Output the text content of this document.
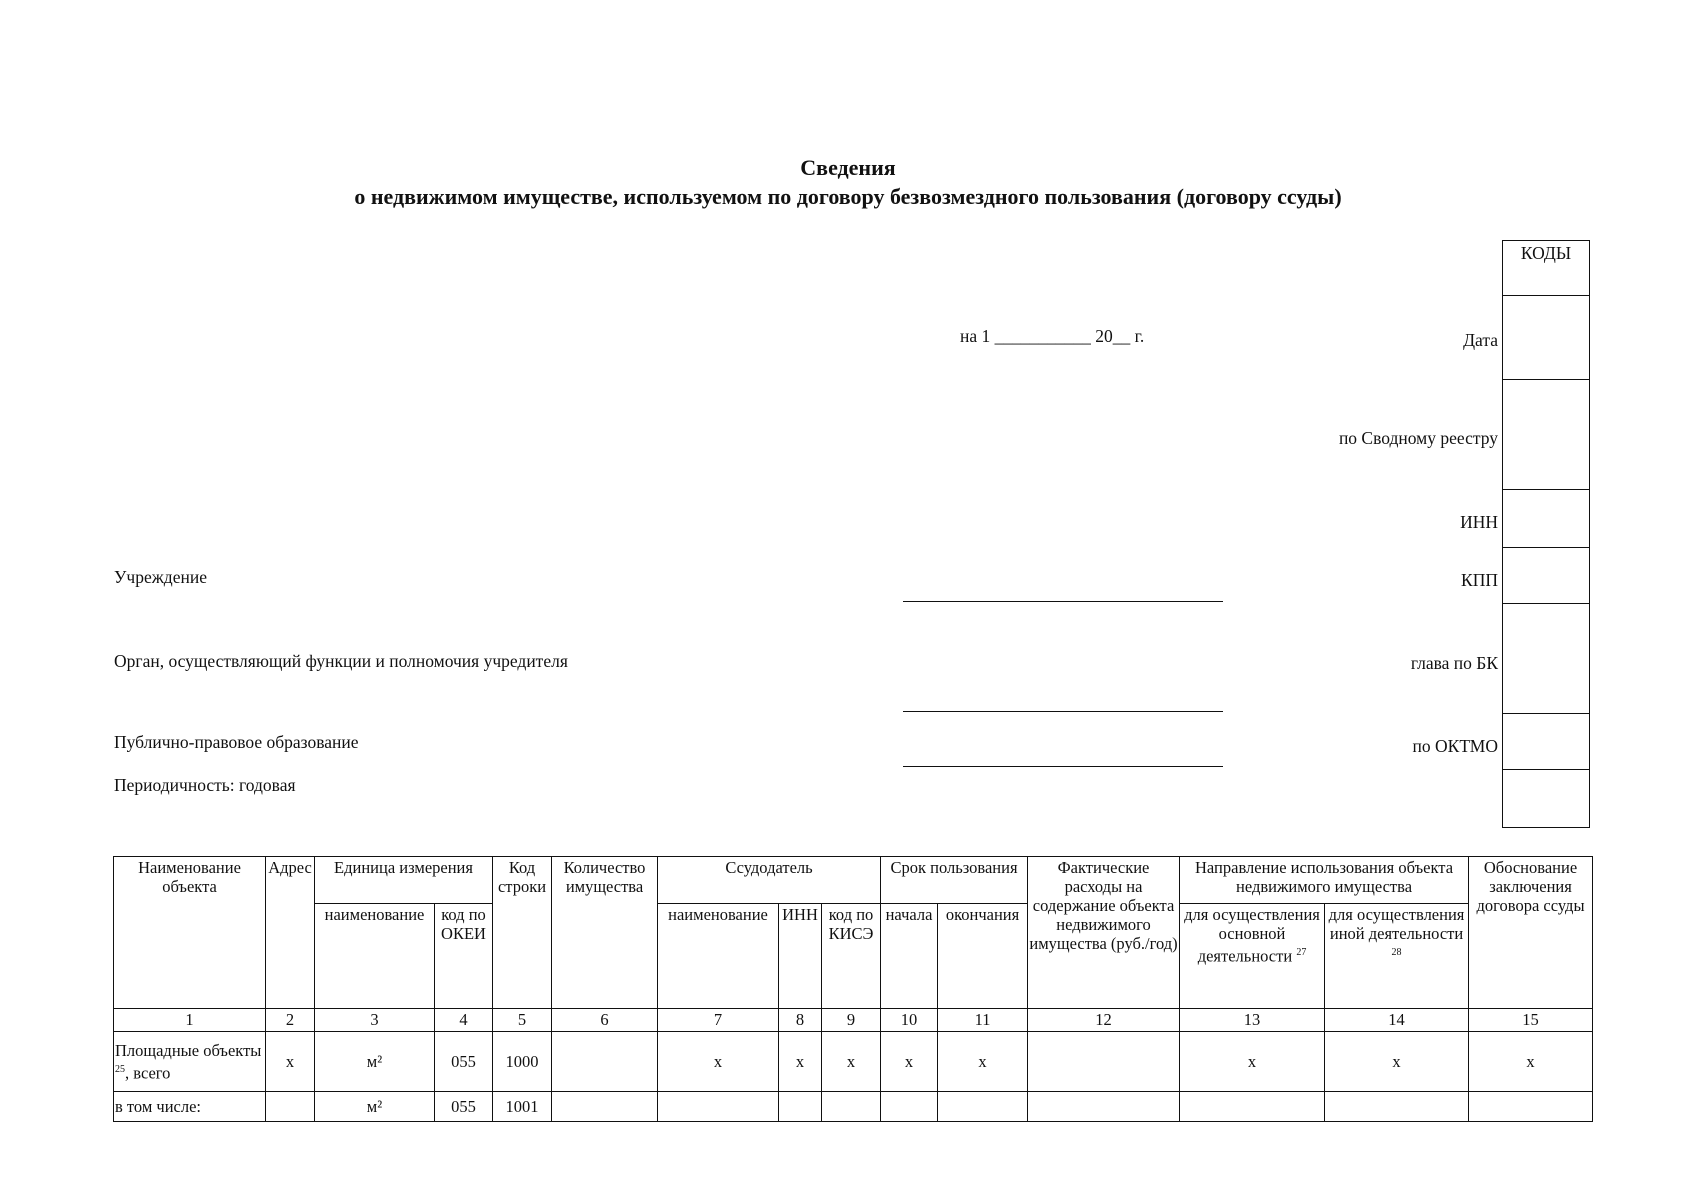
Сведения
о недвижимом имуществе, используемом по договору безвозмездного пользования (договору ссуды)
на 1 ___________ 20__ г.
КОДЫ
Дата
по Сводному реестру
ИНН
КПП
глава по БК
по ОКТМО
Учреждение
Орган, осуществляющий функции и полномочия учредителя
Публично-правовое образование
Периодичность: годовая
Наименование объекта	Адрес	Единица измерения		Код строки	Количество имущества	Ссудодатель			Срок пользования		Фактические расходы на содержание объекта недвижимого имущества (руб./год)	Направление использования объекта недвижимого имущества		Обоснование заключения договора ссуды
		наименование	код по ОКЕИ			наименование	ИНН	код по КИСЭ	начала	окончания		для осуществления основной деятельности $^{27}$	для осуществления иной деятельности $^{28}$
1	2	3	4	5	6	7	8	9	10	11	12	13	14	15
Площадные объекты $^{25}$, всего	х	м²	055	1000		х	х	х	х	х		х	х	х
в том числе:		м²	055	1001										
